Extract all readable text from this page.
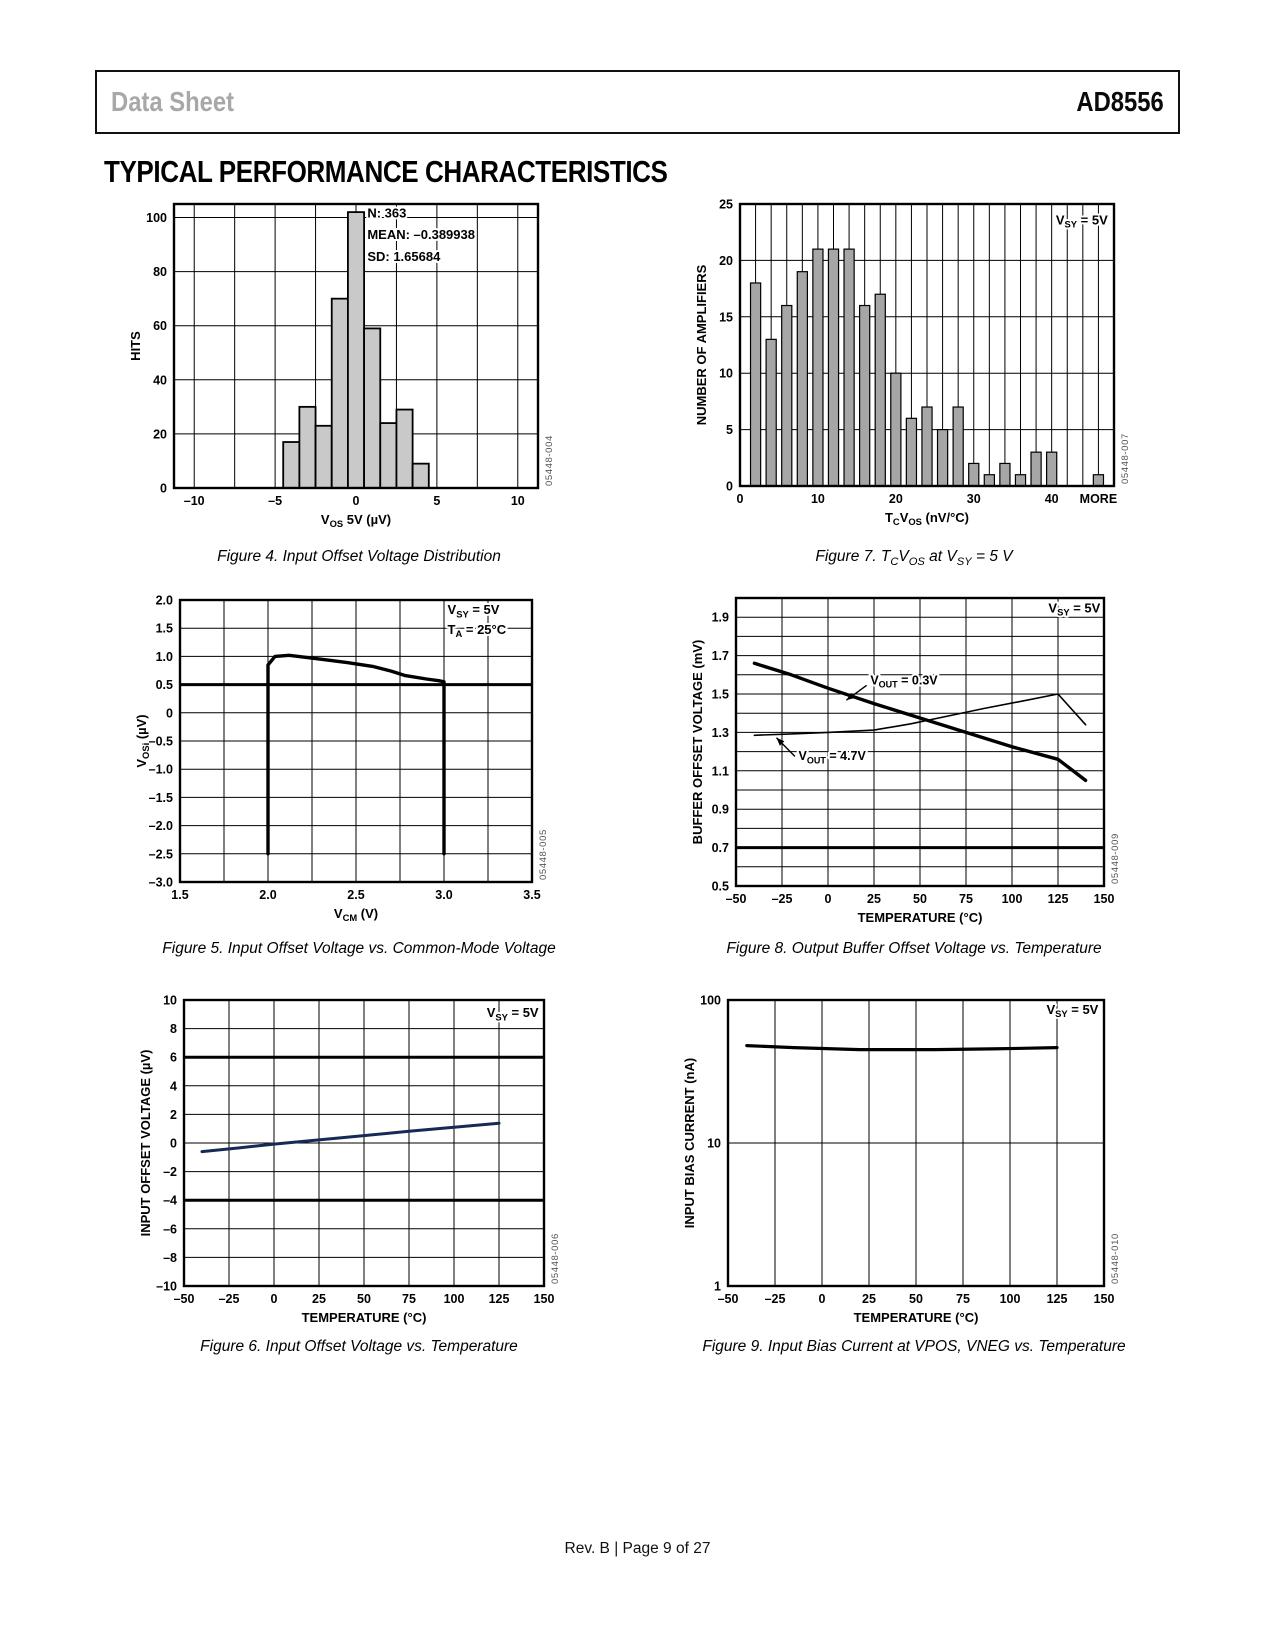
Data Sheet	AD8556
TYPICAL PERFORMANCE CHARACTERISTICS
N: 363
MEAN: –0.389938
SD: 1.65684
–10	–5	0	5	10
0
20
40
60
80
100
$V_{OS}$ 5V (µV)
HITS
05448-004
Figure 4. Input Offset Voltage Distribution
$V_{SY} = 5V$
0	10	20	30	40 MORE
0
5
10
15
20
25
$T_CV_{OS}$ (nV/°C)
NUMBER OF AMPLIFIERS
05448-007
Figure 7. $T_CV_{OS}$ at $V_{SY} = 5$ V
$V_{SY} = 5V$
$T_A = 25^\circ C$
1.5	2.0	2.5	3.0	3.5
2.0
1.5
1.0
0.5
0
–0.5
–1.0
–1.5
–2.0
–2.5
–3.0
$V_{CM}$ (V)
$V_{OSi}$ (µV)
05448-005
Figure 5. Input Offset Voltage vs. Common-Mode Voltage
$V_{SY} = 5V$
$V_{OUT} = 0.3V$
$V_{OUT} = 4.7V$
–50 –25	0	25	50	75 100 125 150
0.5
0.7
0.9
1.1
1.3
1.5
1.7
1.9
TEMPERATURE (°C)
BUFFER OFFSET VOLTAGE (mV)
05448-009
Figure 8. Output Buffer Offset Voltage vs. Temperature
$V_{SY} = 5V$
–50 –25 0	25 50 75 100 125 150
10
8
6
4
2
0
–2
–4
–6
–8
–10
TEMPERATURE (°C)
INPUT OFFSET VOLTAGE (µV)
05448-006
Figure 6. Input Offset Voltage vs. Temperature
$V_{SY} = 5V$
–50 –25	0	25	50	75 100 125 150
1
10
100
TEMPERATURE (°C)
INPUT BIAS CURRENT (nA)
05448-010
Figure 9. Input Bias Current at VPOS, VNEG vs. Temperature
Rev. B | Page 9 of 27
